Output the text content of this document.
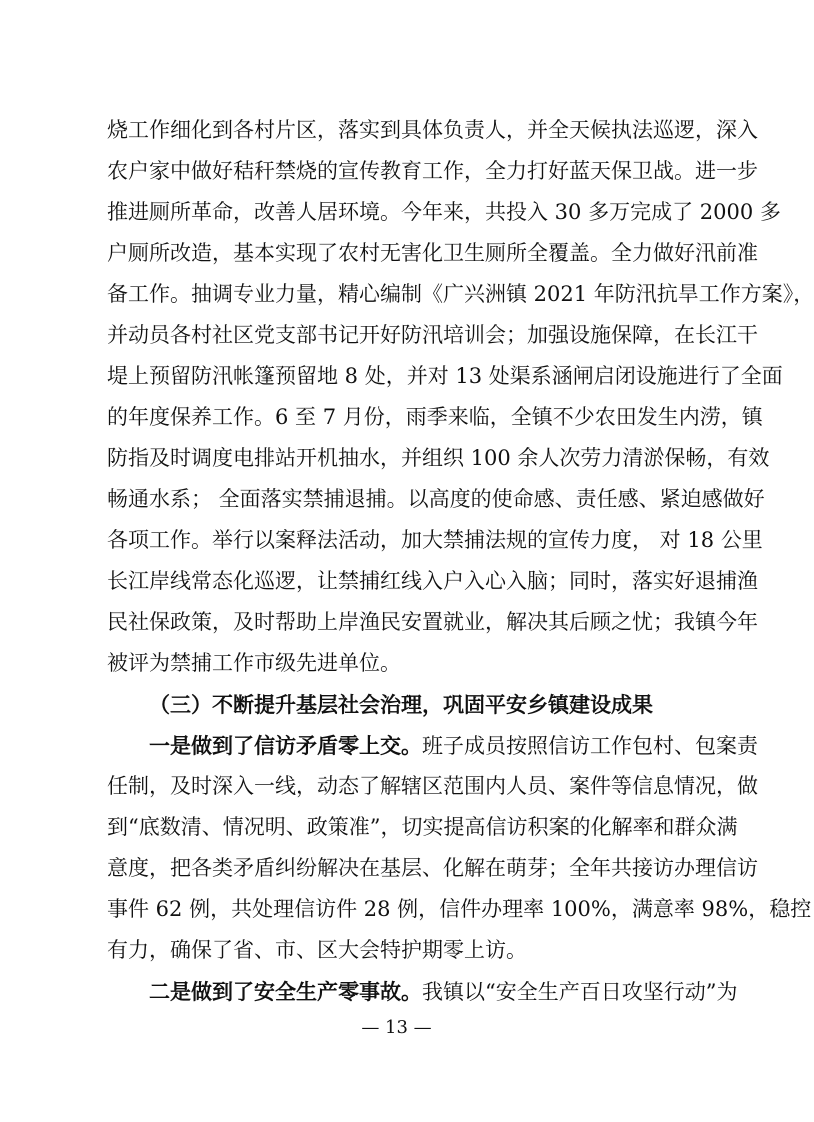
烧工作细化到各村片区，落实到具体负责人，并全天候执法巡逻，深入
农户家中做好秸秆禁烧的宣传教育工作，全力打好蓝天保卫战。进一步
推进厕所革命，改善人居环境。今年来，共投入 30 多万完成了 2000 多
户厕所改造，基本实现了农村无害化卫生厕所全覆盖。全力做好汛前准
备工作。抽调专业力量，精心编制《广兴洲镇 2021 年防汛抗旱工作方案》，
并动员各村社区党支部书记开好防汛培训会；加强设施保障，在长江干
堤上预留防汛帐篷预留地 8 处，并对 13 处渠系涵闸启闭设施进行了全面
的年度保养工作。6 至 7 月份，雨季来临，全镇不少农田发生内涝，镇
防指及时调度电排站开机抽水，并组织 100 余人次劳力清淤保畅，有效
畅通水系； 全面落实禁捕退捕。以高度的使命感、责任感、紧迫感做好
各项工作。举行以案释法活动，加大禁捕法规的宣传力度， 对 18 公里
长江岸线常态化巡逻，让禁捕红线入户入心入脑；同时，落实好退捕渔
民社保政策，及时帮助上岸渔民安置就业，解决其后顾之忧；我镇今年
被评为禁捕工作市级先进单位。
（三）不断提升基层社会治理，巩固平安乡镇建设成果
一是做到了信访矛盾零上交。班子成员按照信访工作包村、包案责
任制，及时深入一线，动态了解辖区范围内人员、案件等信息情况，做
到“底数清、情况明、政策准”，切实提高信访积案的化解率和群众满
意度，把各类矛盾纠纷解决在基层、化解在萌芽；全年共接访办理信访
事件 62 例，共处理信访件 28 例，信件办理率 100%，满意率 98%，稳控
有力，确保了省、市、区大会特护期零上访。
二是做到了安全生产零事故。我镇以“安全生产百日攻坚行动”为
— 13 —
